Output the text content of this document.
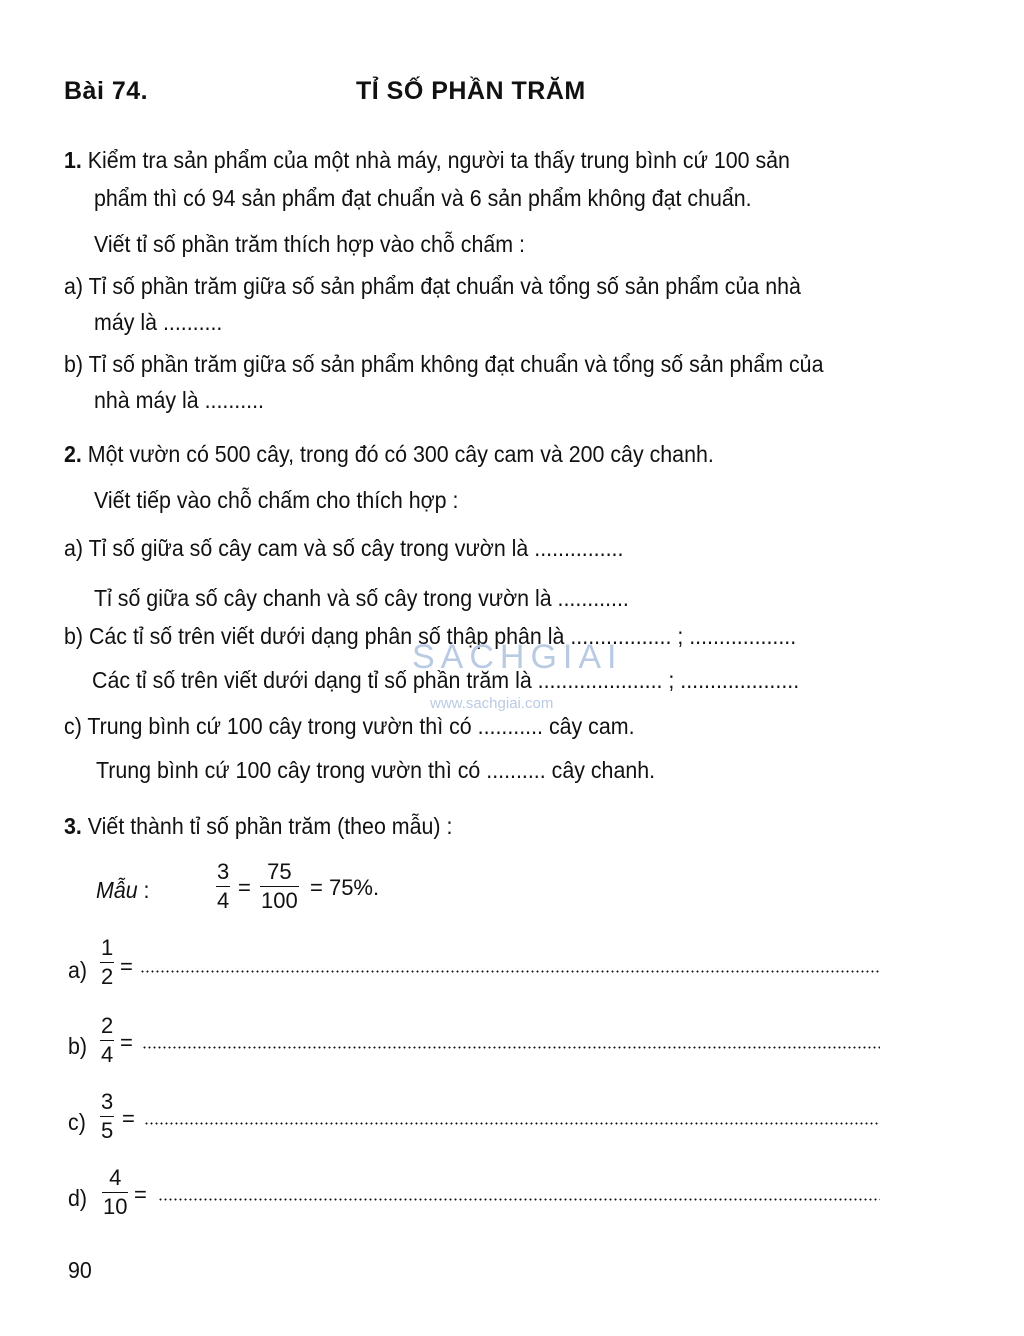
Bài 74.	TỈ SỐ PHẦN TRĂM
1. Kiểm tra sản phẩm của một nhà máy, người ta thấy trung bình cứ 100 sản
phẩm thì có 94 sản phẩm đạt chuẩn và 6 sản phẩm không đạt chuẩn.
Viết tỉ số phần trăm thích hợp vào chỗ chấm :
a) Tỉ số phần trăm giữa số sản phẩm đạt chuẩn và tổng số sản phẩm của nhà
máy là ..........
b) Tỉ số phần trăm giữa số sản phẩm không đạt chuẩn và tổng số sản phẩm của
nhà máy là ..........
2. Một vườn có 500 cây, trong đó có 300 cây cam và 200 cây chanh.
Viết tiếp vào chỗ chấm cho thích hợp :
a) Tỉ số giữa số cây cam và số cây trong vườn là ...............
Tỉ số giữa số cây chanh và số cây trong vườn là ............
b) Các tỉ số trên viết dưới dạng phân số thập phân là ................. ; ..................
Các tỉ số trên viết dưới dạng tỉ số phần trăm là ..................... ; ....................
c) Trung bình cứ 100 cây trong vườn thì có ........... cây cam.
Trung bình cứ 100 cây trong vườn thì có .......... cây chanh.
SACHGIAI
www.sachgiai.com
3. Viết thành tỉ số phần trăm (theo mẫu) :
Mẫu :
3
4
=
75
100
= 75%.
a)
1
2 =
b)
2
4 =
c)
3
5 =
d)
4
10 =
90
